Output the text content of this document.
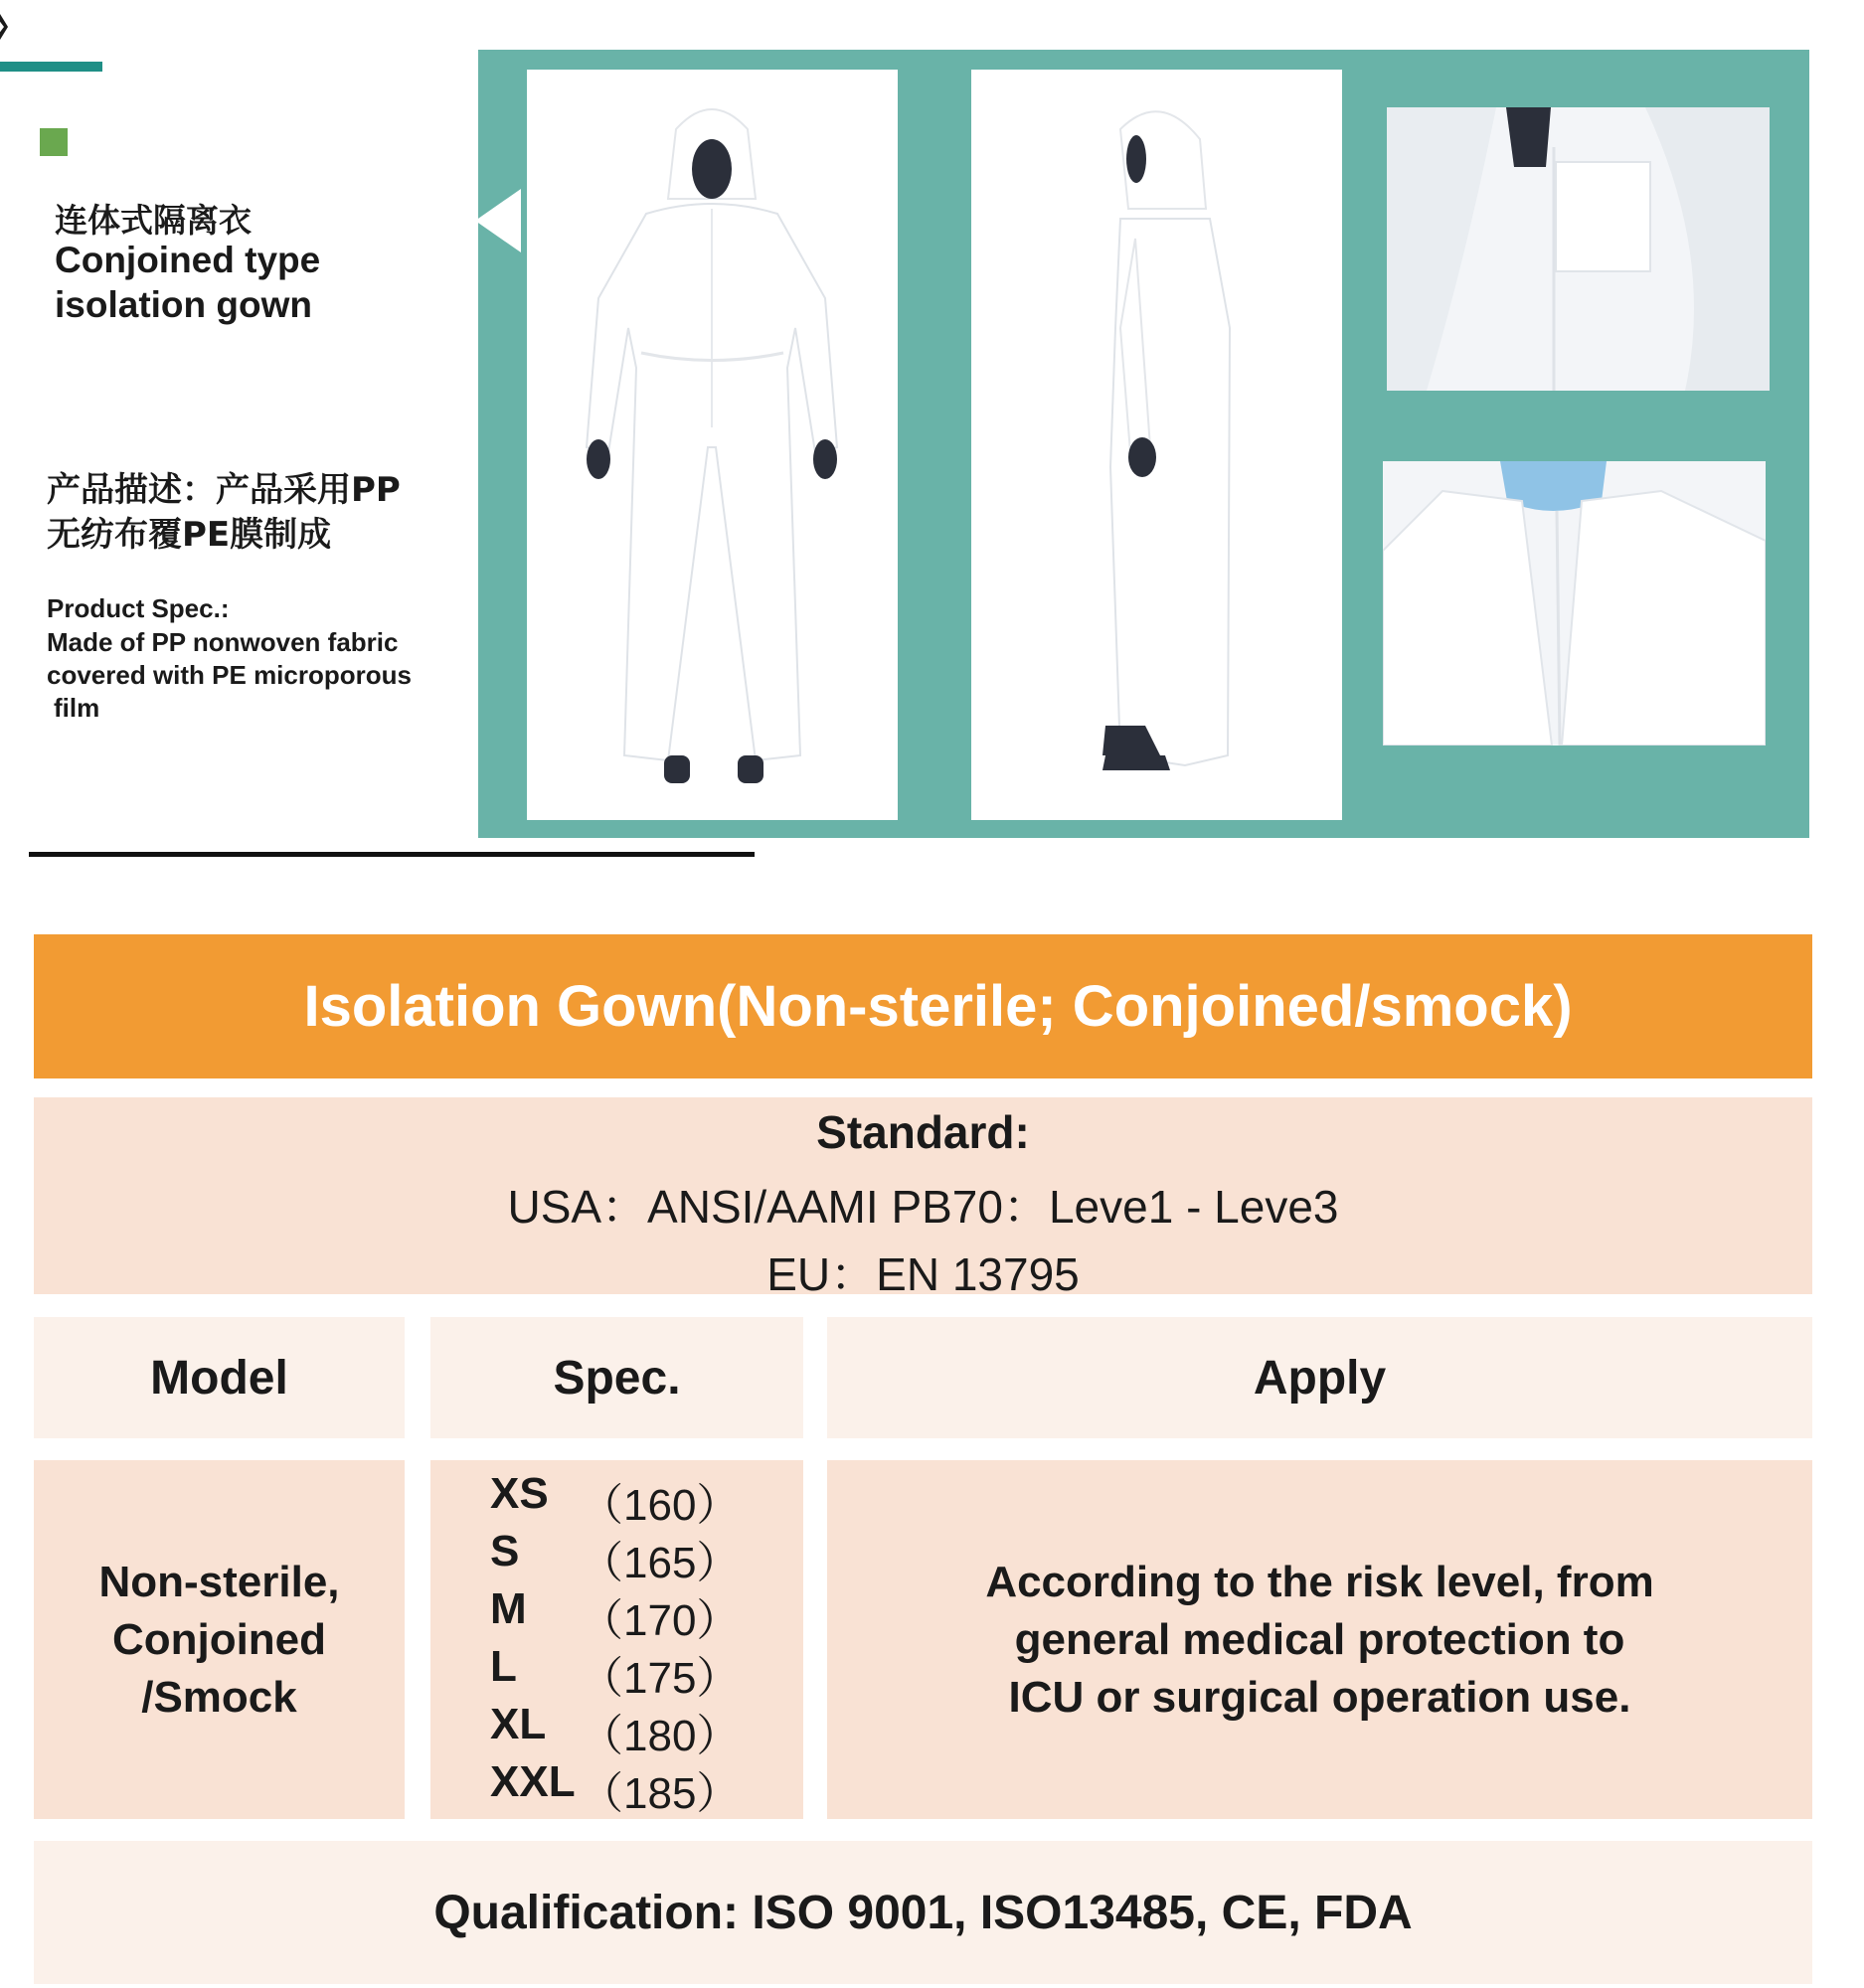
连体式隔离衣
Conjoined type
isolation gown
产品描述：产品采用PP
无纺布覆PE膜制成
Product Spec.:
Made of PP nonwoven fabric
covered with PE microporous
film
Isolation Gown(Non-sterile; Conjoined/smock)
Standard:
USA：ANSI/AAMI PB70：Leve1 - Leve3
EU：EN 13795
Model	Spec.	Apply
Non-sterile,
Conjoined
/Smock
XS （160）
S （165）
M （170）
L （175）
XL （180）
XXL （185）
According to the risk level, from
general medical protection to
ICU or surgical operation use.
Qualification: ISO 9001, ISO13485, CE, FDA
